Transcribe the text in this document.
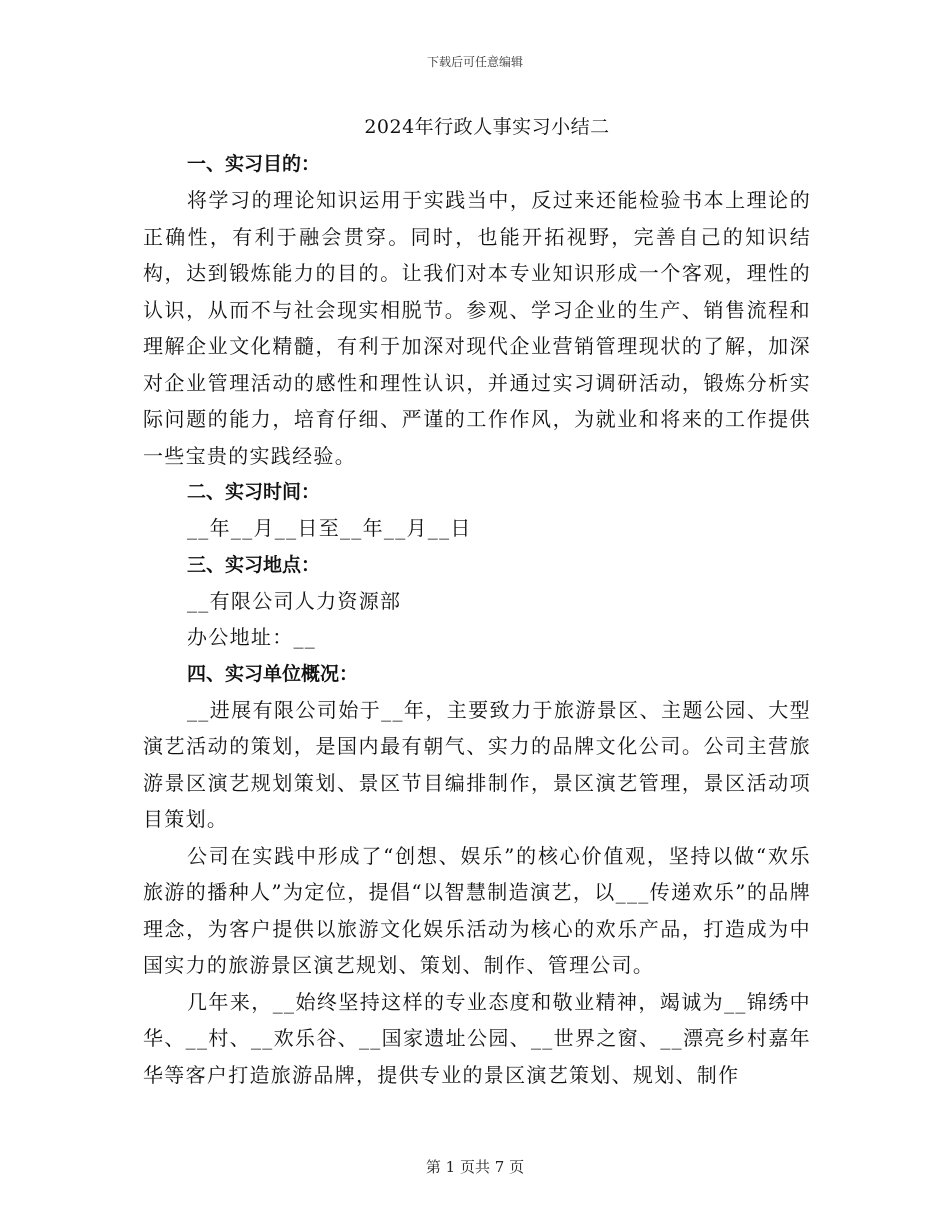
下载后可任意编辑
2024年行政人事实习小结二
一、实习目的：

将学习的理论知识运用于实践当中，反过来还能检验书本上理论的正确性，有利于融会贯穿。同时，也能开拓视野，完善自己的知识结构，达到锻炼能力的目的。让我们对本专业知识形成一个客观，理性的认识，从而不与社会现实相脱节。参观、学习企业的生产、销售流程和理解企业文化精髓，有利于加深对现代企业营销管理现状的了解，加深对企业管理活动的感性和理性认识，并通过实习调研活动，锻炼分析实际问题的能力，培育仔细、严谨的工作作风，为就业和将来的工作提供一些宝贵的实践经验。

二、实习时间：
__年__月__日至__年__月__日
三、实习地点：
__有限公司人力资源部
办公地址：__
四、实习单位概况：

__进展有限公司始于__年，主要致力于旅游景区、主题公园、大型演艺活动的策划，是国内最有朝气、实力的品牌文化公司。公司主营旅游景区演艺规划策划、景区节目编排制作，景区演艺管理，景区活动项目策划。

公司在实践中形成了“创想、娱乐”的核心价值观，坚持以做“欢乐旅游的播种人”为定位，提倡“以智慧制造演艺，以___传递欢乐”的品牌理念，为客户提供以旅游文化娱乐活动为核心的欢乐产品，打造成为中国实力的旅游景区演艺规划、策划、制作、管理公司。

几年来，__始终坚持这样的专业态度和敬业精神，竭诚为__锦绣中华、__村、__欢乐谷、__国家遗址公园、__世界之窗、__漂亮乡村嘉年华等客户打造旅游品牌，提供专业的景区演艺策划、规划、制作

第 1 页共 7 页
